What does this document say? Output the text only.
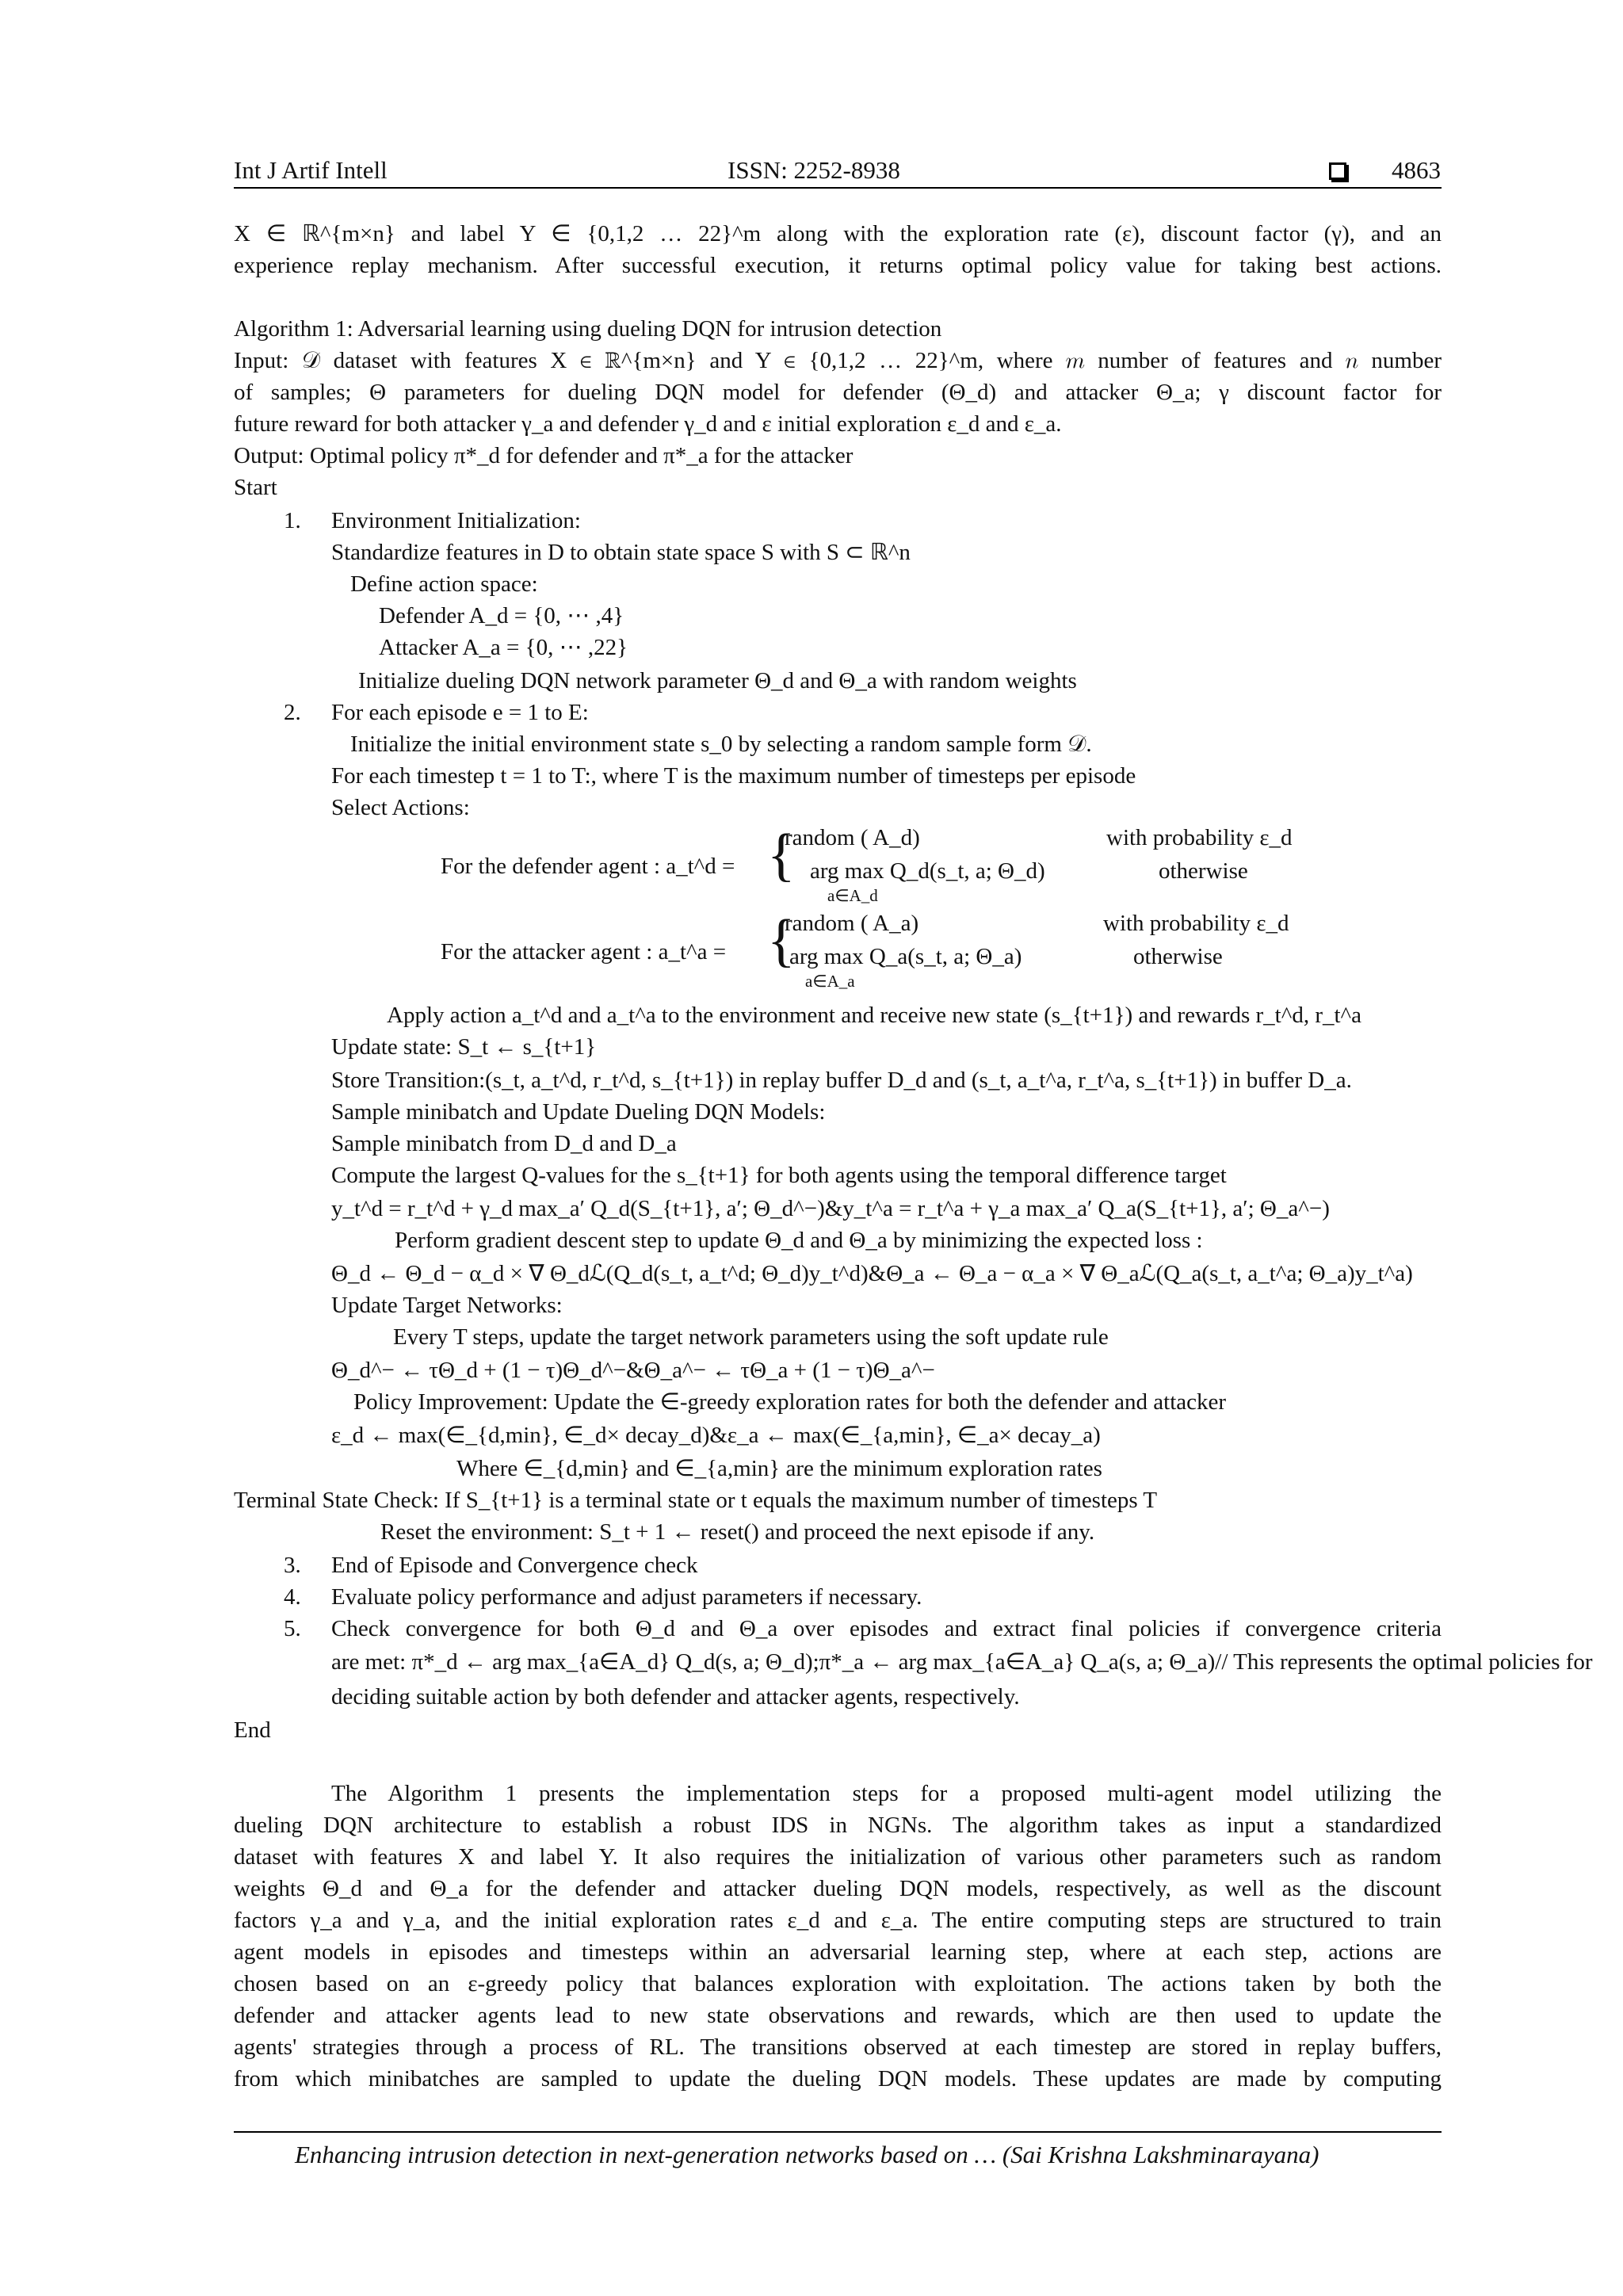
Int J Artif Intell	ISSN: 2252-8938	4863
X ∈ ℝ^{m×n} and label Y ∈ {0,1,2 … 22}^m along with the exploration rate (ε), discount factor (γ), and an
experience replay mechanism. After successful execution, it returns optimal policy value for taking best actions.
Algorithm 1: Adversarial learning using dueling DQN for intrusion detection
Input: 𝒟 dataset with features X ∈ ℝ^{m×n} and Y ∈ {0,1,2 … 22}^m, where 𝑚 number of features and 𝑛 number
of samples; Θ parameters for dueling DQN model for defender (Θ_d) and attacker Θ_a; γ discount factor for
future reward for both attacker γ_a and defender γ_d and ε initial exploration ε_d and ε_a.
Output: Optimal policy π*_d for defender and π*_a for the attacker
Start
1. Environment Initialization:
Standardize features in D to obtain state space S with S ⊂ ℝ^n
Define action space:
Defender A_d = {0, ⋯ ,4}
Attacker A_a = {0, ⋯ ,22}
Initialize dueling DQN network parameter Θ_d and Θ_a with random weights
2. For each episode e = 1 to E:
Initialize the initial environment state s_0 by selecting a random sample form 𝒟.
For each timestep t = 1 to T:, where T is the maximum number of timesteps per episode
Select Actions:
For the defender agent : a_t^d = {
random ( A_d)	with probability ε_d
arg max Q_d(s_t, a; Θ_d)
a∈A_d
otherwise
For the attacker agent : a_t^a = {
random ( A_a)	with probability ε_d
arg max Q_a(s_t, a; Θ_a)
a∈A_a
otherwise
Apply action a_t^d and a_t^a to the environment and receive new state (s_{t+1}) and rewards r_t^d, r_t^a
Update state: S_t ← s_{t+1}
Store Transition:(s_t, a_t^d, r_t^d, s_{t+1}) in replay buffer D_d and (s_t, a_t^a, r_t^a, s_{t+1}) in buffer D_a.
Sample minibatch and Update Dueling DQN Models:
Sample minibatch from D_d and D_a
Compute the largest Q-values for the s_{t+1} for both agents using the temporal difference target
y_t^d = r_t^d + γ_d max_a′ Q_d(S_{t+1}, a′; Θ_d^−)&y_t^a = r_t^a + γ_a max_a′ Q_a(S_{t+1}, a′; Θ_a^−)
Perform gradient descent step to update Θ_d and Θ_a by minimizing the expected loss :
Θ_d ← Θ_d − α_d × ∇ Θ_dℒ(Q_d(s_t, a_t^d; Θ_d)y_t^d)&Θ_a ← Θ_a − α_a × ∇ Θ_aℒ(Q_a(s_t, a_t^a; Θ_a)y_t^a)
Update Target Networks:
Every T steps, update the target network parameters using the soft update rule
Θ_d^− ← τΘ_d + (1 − τ)Θ_d^−&Θ_a^− ← τΘ_a + (1 − τ)Θ_a^−
Policy Improvement: Update the ∈-greedy exploration rates for both the defender and attacker
ε_d ← max(∈_{d,min}, ∈_d× decay_d)&ε_a ← max(∈_{a,min}, ∈_a× decay_a)
Where ∈_{d,min} and ∈_{a,min} are the minimum exploration rates
Terminal State Check: If S_{t+1} is a terminal state or t equals the maximum number of timesteps T
Reset the environment: S_t + 1 ← reset() and proceed the next episode if any.
3. End of Episode and Convergence check
4. Evaluate policy performance and adjust parameters if necessary.
5. Check convergence for both Θ_d and Θ_a over episodes and extract final policies if convergence criteria
are met: π*_d ← arg max_{a∈A_d} Q_d(s, a; Θ_d);π*_a ← arg max_{a∈A_a} Q_a(s, a; Θ_a)// This represents the optimal policies for
deciding suitable action by both defender and attacker agents, respectively.
End
The Algorithm 1 presents the implementation steps for a proposed multi-agent model utilizing the
dueling DQN architecture to establish a robust IDS in NGNs. The algorithm takes as input a standardized
dataset with features X and label Y. It also requires the initialization of various other parameters such as random
weights Θ_d and Θ_a for the defender and attacker dueling DQN models, respectively, as well as the discount
factors γ_a and γ_a, and the initial exploration rates ε_d and ε_a. The entire computing steps are structured to train
agent models in episodes and timesteps within an adversarial learning step, where at each step, actions are
chosen based on an ε-greedy policy that balances exploration with exploitation. The actions taken by both the
defender and attacker agents lead to new state observations and rewards, which are then used to update the
agents' strategies through a process of RL. The transitions observed at each timestep are stored in replay buffers,
from which minibatches are sampled to update the dueling DQN models. These updates are made by computing
Enhancing intrusion detection in next-generation networks based on … (Sai Krishna Lakshminarayana)
